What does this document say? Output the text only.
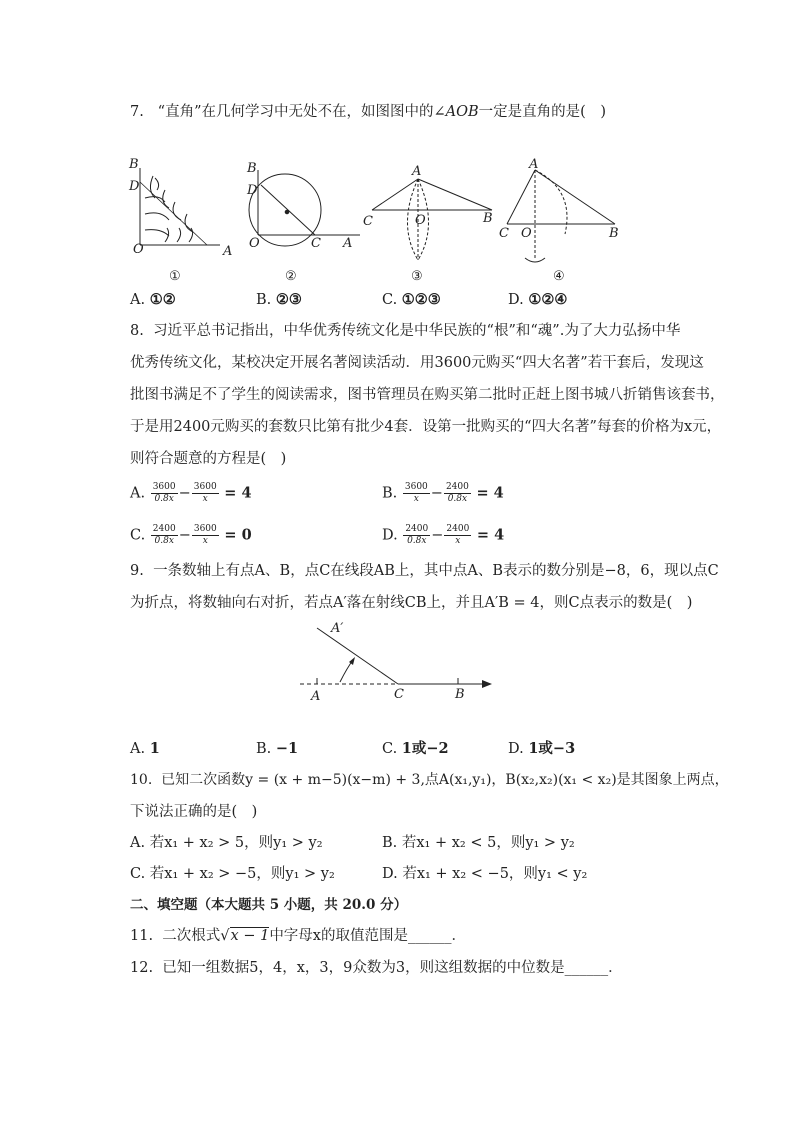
7. “直角”在几何学习中无处不在，如图图中的∠AOB一定是直角的是(　)
B
D
O	A
①
B
D
O	C A
②
A
C	B
O
③
A
C O	B
④
A. ①②	B. ②③	C. ①②③	D. ①②④
8. 习近平总书记指出，中华优秀传统文化是中华民族的“根”和“魂”.为了大力弘扬中华
优秀传统文化，某校决定开展名著阅读活动．用3600元购买“四大名著”若干套后，发现这
批图书满足不了学生的阅读需求，图书管理员在购买第二批时正赶上图书城八折销售该套书，
于是用2400元购买的套数只比第有批少4套．设第一批购买的“四大名著”每套的价格为x元，
则符合题意的方程是(　)
A. $\frac{3600}{0.8x} - \frac{3600}{x} = 4$	B. $\frac{3600}{x} - \frac{2400}{0.8x} = 4$
C. $\frac{2400}{0.8x} - \frac{3600}{x} = 0$	D. $\frac{2400}{0.8x} - \frac{2400}{x} = 4$
9. 一条数轴上有点A、B，点C在线段AB上，其中点A、B表示的数分别是−8，6，现以点C
为折点，将数轴向右对折，若点A′落在射线CB上，并且A′B = 4，则C点表示的数是(　)
A′
A	C	B
A. 1	B. −1	C. 1或−2	D. 1或−3
10. 已知二次函数y = (x + m−5)(x−m) + 3,点A(x₁,y₁)，B(x₂,x₂)(x₁ < x₂)是其图象上两点，
下说法正确的是(　)
A. 若x₁ + x₂ > 5，则y₁ > y₂	B. 若x₁ + x₂ < 5，则y₁ > y₂
C. 若x₁ + x₂ > −5，则y₁ > y₂	D. 若x₁ + x₂ < −5，则y₁ < y₂
二、填空题（本大题共 5 小题，共 20.0 分）
11. 二次根式√x − 1中字母x的取值范围是______．
12. 已知一组数据5，4，x，3，9众数为3，则这组数据的中位数是______．
